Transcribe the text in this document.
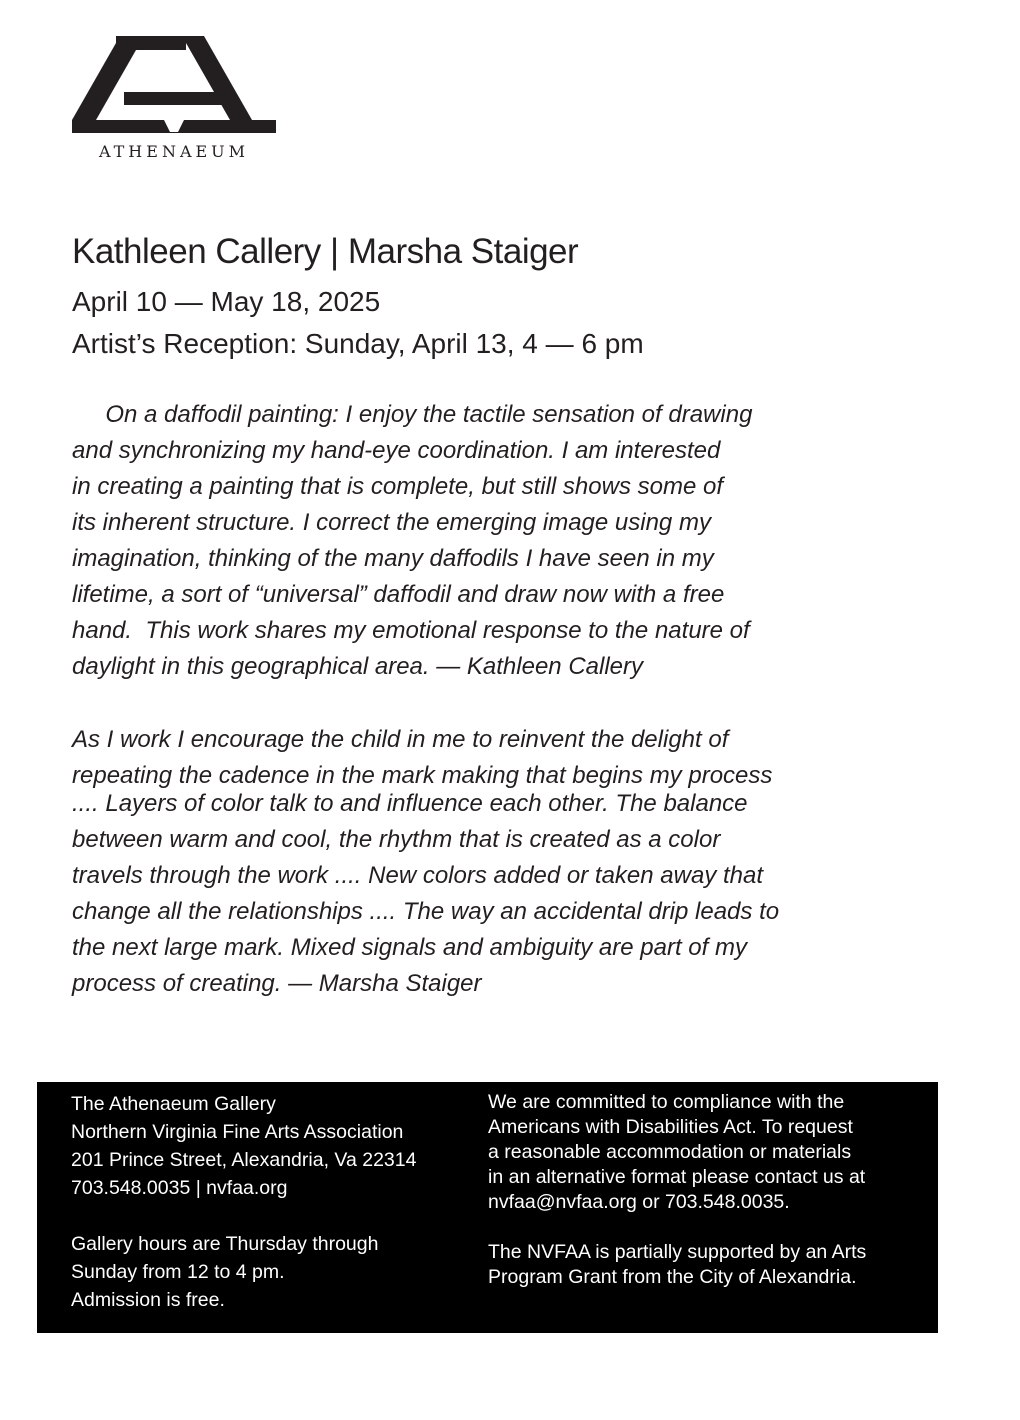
ATHENAEUM
Kathleen Callery | Marsha Staiger

April 10 — May 18, 2025

Artist’s Reception: Sunday, April 13, 4 — 6 pm

On a daffodil painting: I enjoy the tactile sensation of drawing
and synchronizing my hand-eye coordination. I am interested
in creating a painting that is complete, but still shows some of
its inherent structure. I correct the emerging image using my
imagination, thinking of the many daffodils I have seen in my
lifetime, a sort of “universal” daffodil and draw now with a free
hand.  This work shares my emotional response to the nature of
daylight in this geographical area. — Kathleen Callery
As I work I encourage the child in me to reinvent the delight of
repeating the cadence in the mark making that begins my process
.... Layers of color talk to and influence each other. The balance
between warm and cool, the rhythm that is created as a color
travels through the work .... New colors added or taken away that
change all the relationships .... The way an accidental drip leads to
the next large mark. Mixed signals and ambiguity are part of my
process of creating. — Marsha Staiger
The Athenaeum Gallery
Northern Virginia Fine Arts Association
201 Prince Street, Alexandria, Va 22314
703.548.0035 | nvfaa.org
Gallery hours are Thursday through
Sunday from 12 to 4 pm.
Admission is free.
We are committed to compliance with the
Americans with Disabilities Act. To request
a reasonable accommodation or materials
in an alternative format please contact us at
nvfaa@nvfaa.org or 703.548.0035.
The NVFAA is partially supported by an Arts
Program Grant from the City of Alexandria.
